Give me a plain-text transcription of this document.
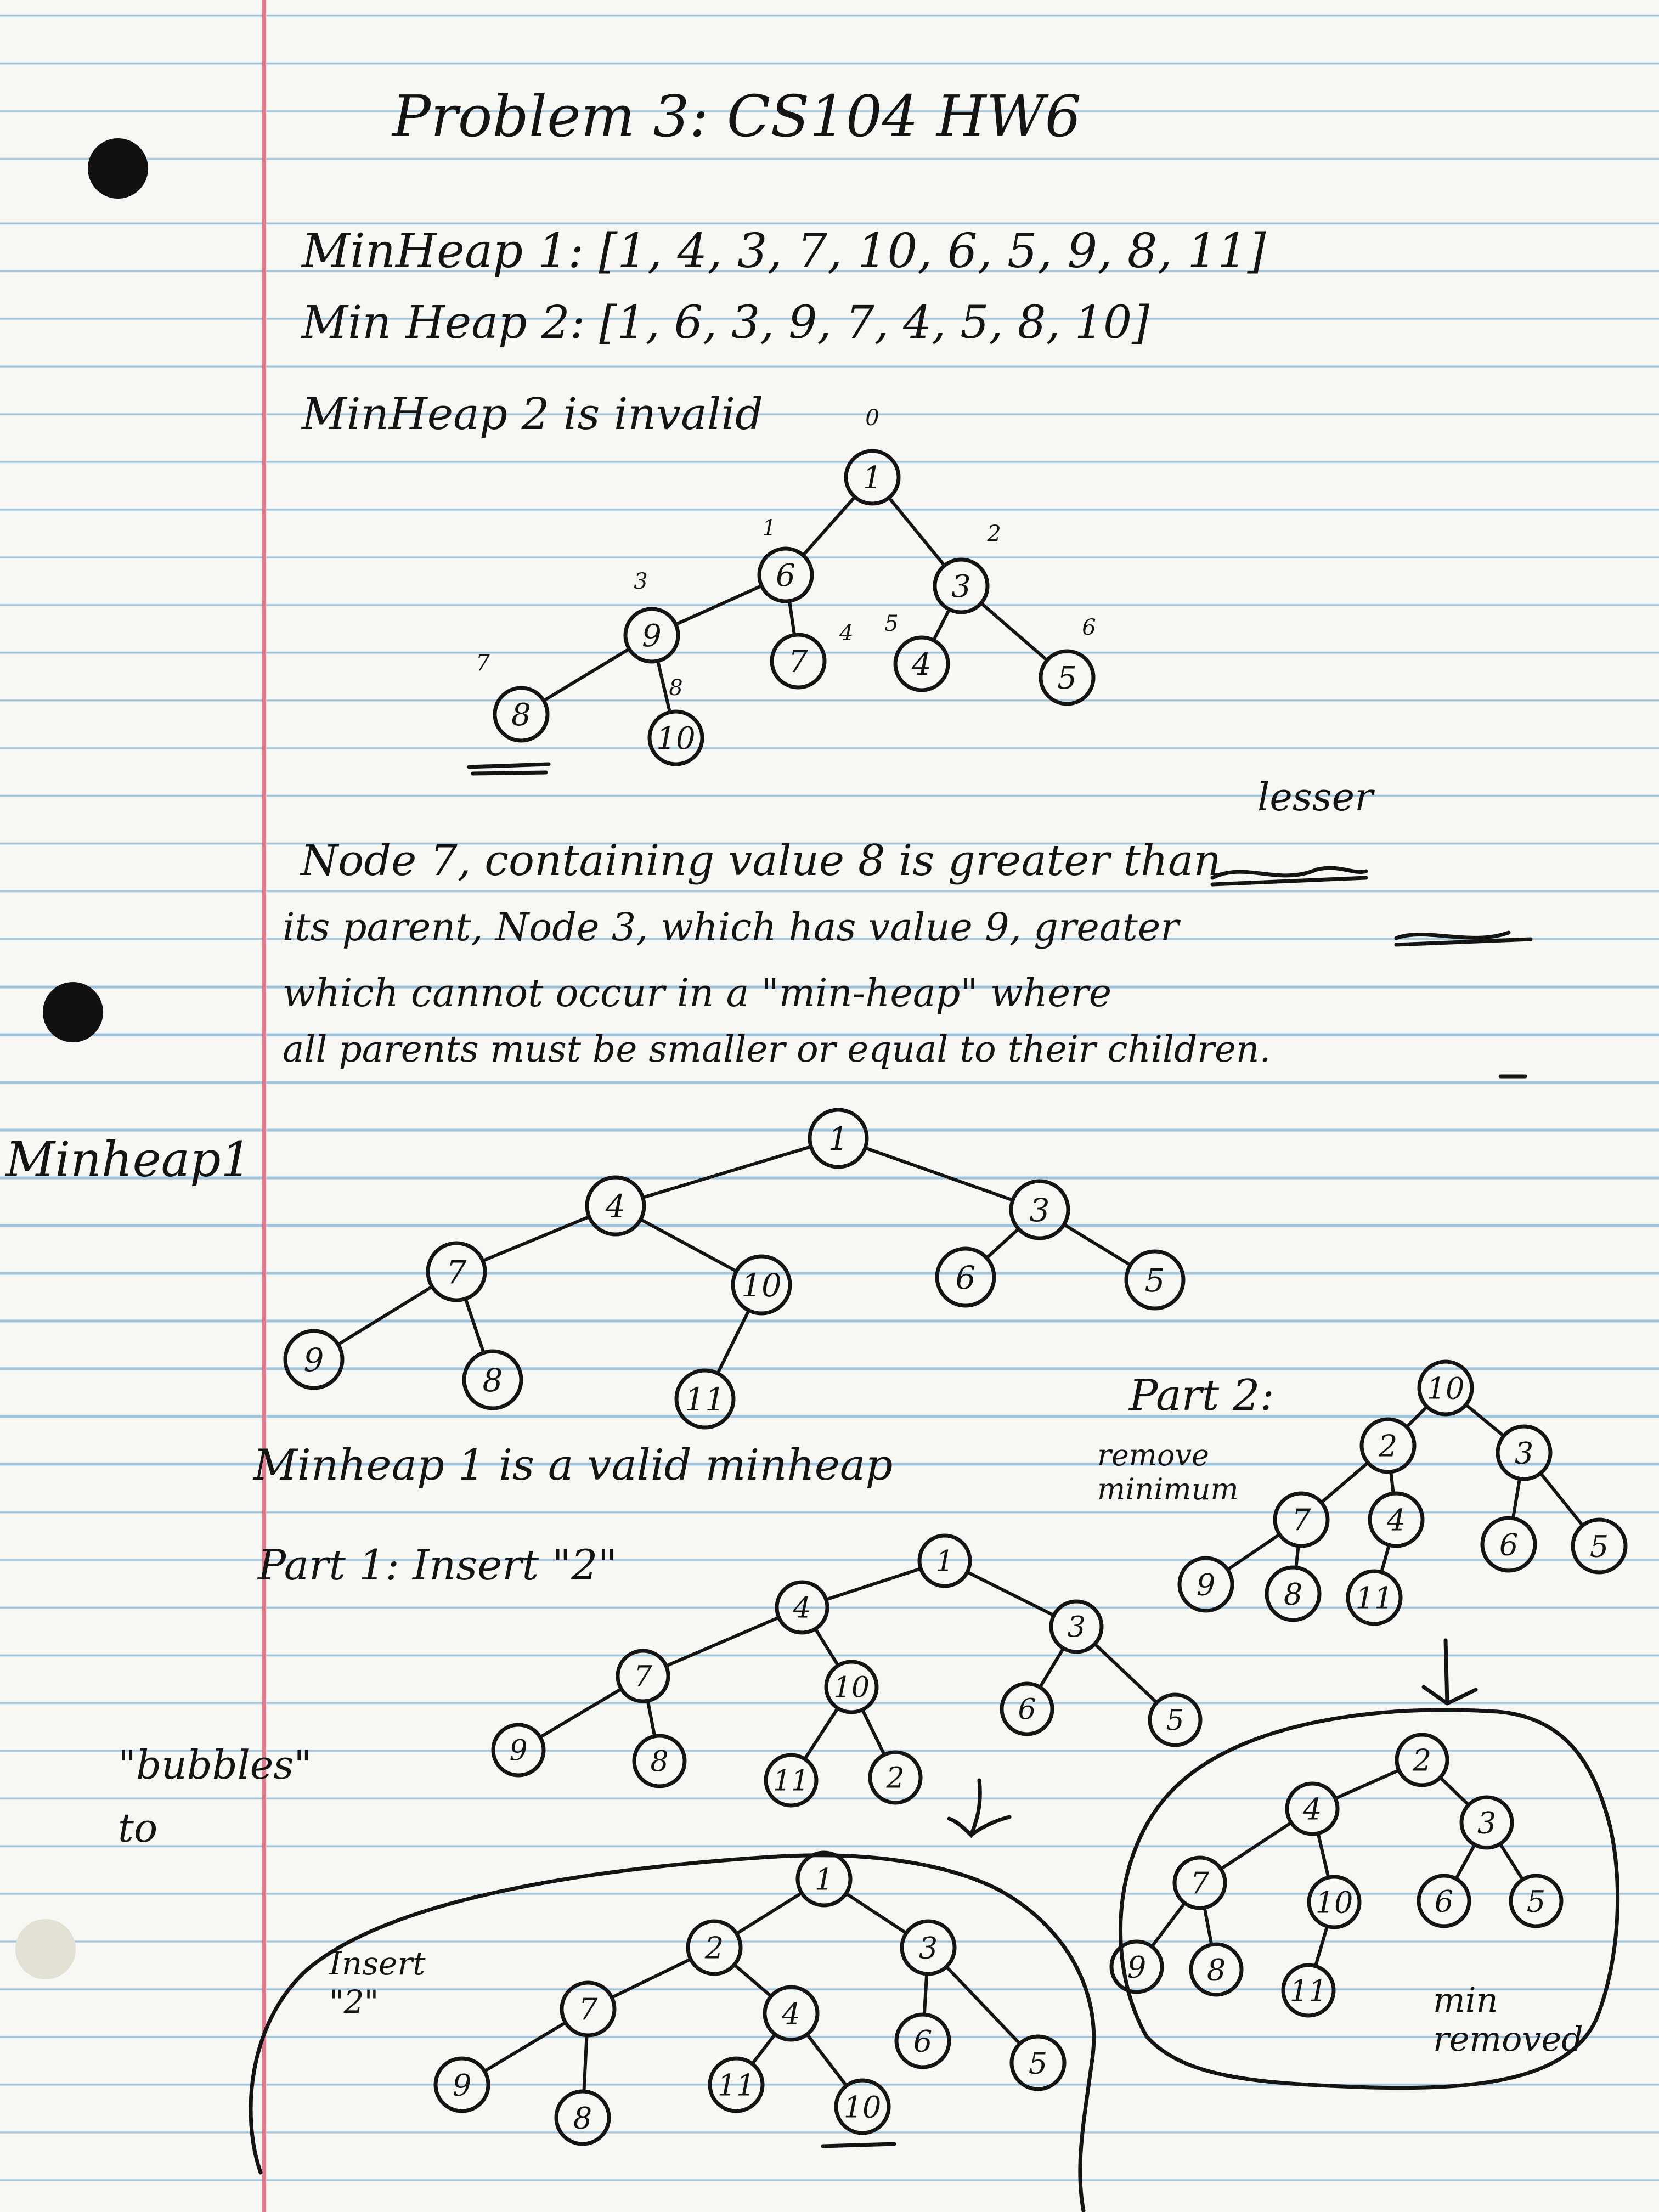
Problem 3: CS104 HW6
MinHeap 1: [1, 4, 3, 7, 10, 6, 5, 9, 8, 11]
Min Heap 2: [1, 6, 3, 9, 7, 4, 5, 8, 10]
MinHeap 2 is invalid
lesser
Node 7, containing value 8 is greater than
its parent, Node 3, which has value 9, greater
which cannot occur in a "min-heap" where
all parents must be smaller or equal to their children.
Minheap1
Minheap 1 is a valid minheap
Part 2:
remove minimum
Part 1: Insert "2"
"bubbles" to
Insert "2"	min removed
1
6	3
9
7	4	5
8
10
1
4	3
7	10	6	5
9
8
11
1
4
3
7	10
6	5
9	8
11	2
1
2	3
7	4
6
5
9
8
11
10
10
2	3
7	4
6 5
9 8 11
2
4	3
7
10	6 5
9 8
11
0
1	2
3
4 5	6
7
8
